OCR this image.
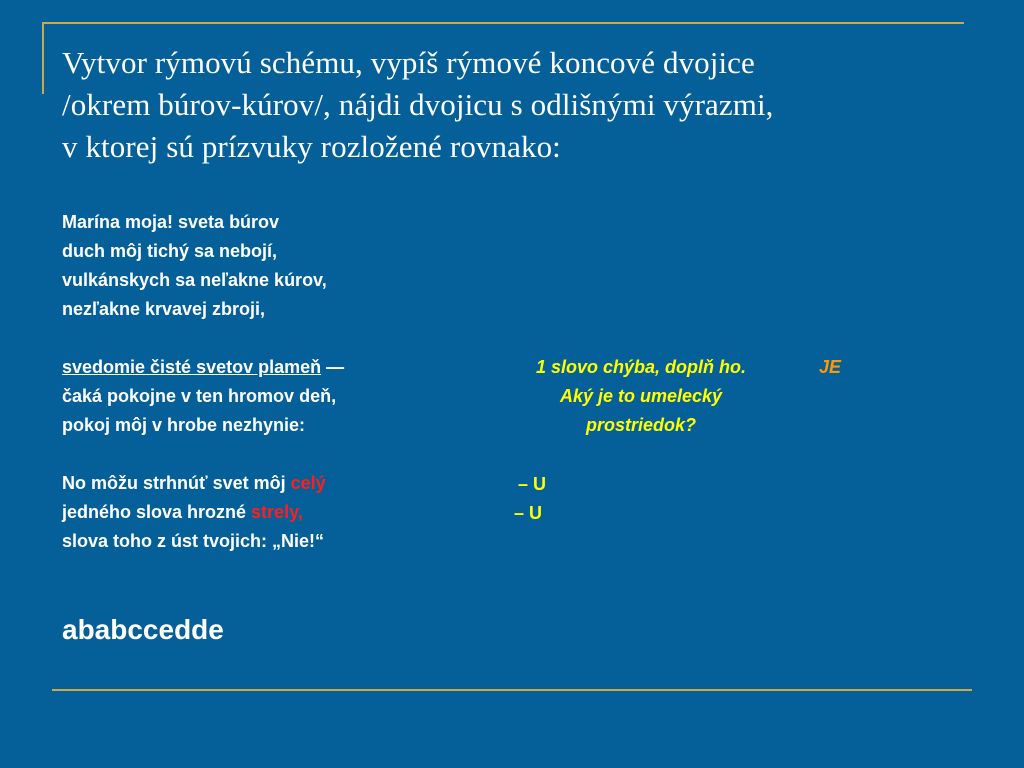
Vytvor rýmovú schému, vypíš rýmové koncové dvojice
/okrem búrov-kúrov/, nájdi dvojicu s odlišnými výrazmi,
v ktorej sú prízvuky rozložené rovnako:
Marína moja! sveta búrov
duch môj tichý sa nebojí,
vulkánskych sa neľakne kúrov,
nezľakne krvavej zbroji,
svedomie čisté svetov plameň —
čaká pokojne v ten hromov deň,
pokoj môj v hrobe nezhynie:
No môžu strhnúť svet môj celý
jedného slova hrozné strely,
slova toho z úst tvojich: „Nie!“
1 slovo chýba, doplň ho.
Aký je to umelecký
prostriedok?
JE
– U
– U
ababccedde
